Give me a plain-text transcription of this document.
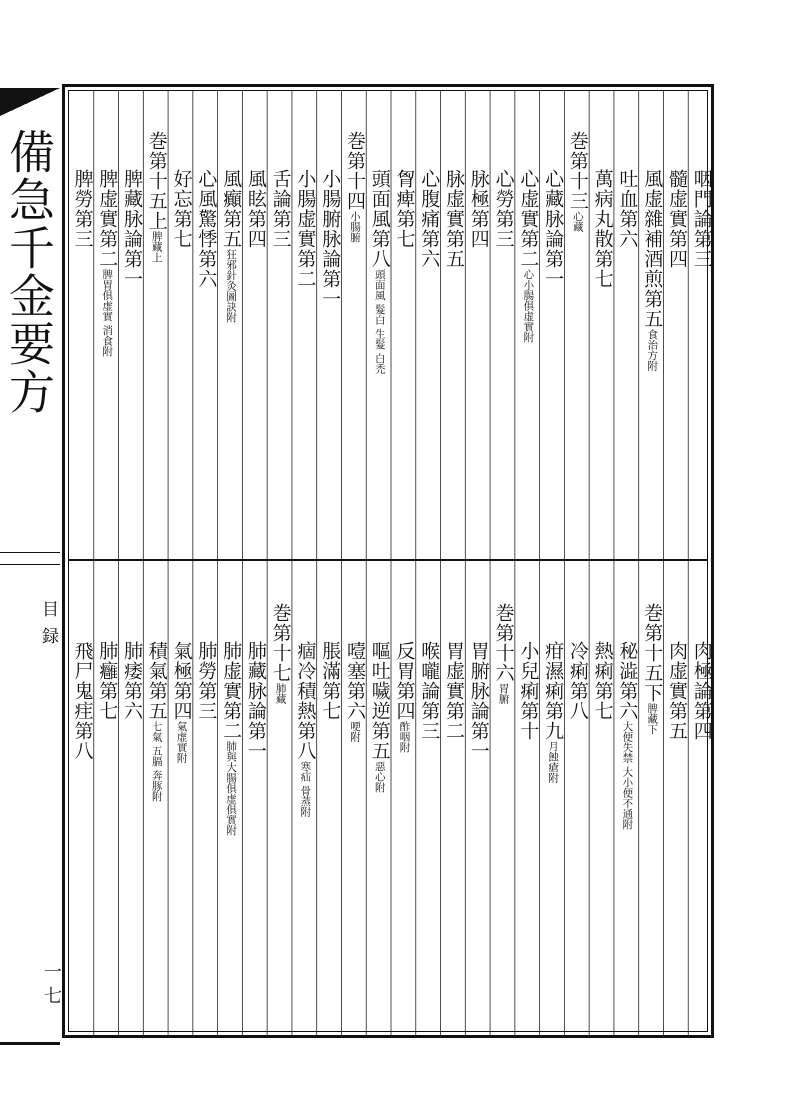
備急千金要方
目録
一七
咽門論第三
髓虚實第四
風虚雜補酒煎第五食治方附
吐血第六
萬病丸散第七
巻第十三心藏
心藏脉論第一
心虚實第二心小腸俱虚實附
心勞第三
脉極第四
脉虚實第五
心腹痛第六
胷痺第七
頭面風第八頭面風 髮白 生髮 白禿
巻第十四小腸腑
小腸腑脉論第一
小腸虚實第二
舌論第三
風眩第四
風癲第五狂邪針灸圖訣附
心風驚悸第六
好忘第七
巻第十五上脾藏上
脾藏脉論第一
脾虚實第二脾胃俱虚實 消食附
脾勞第三
肉極論第四
肉虚實第五
巻第十五下脾藏下
秘澁第六大便失禁 大小便不通附
熱痢第七
冷痢第八
疳濕痢第九月蝕瘡附
小兒痢第十
巻第十六胃腑
胃腑脉論第一
胃虚實第二
喉嚨論第三
反胃第四酢咽附
嘔吐噦逆第五惡心附
噎塞第六哽附
脹滿第七
痼冷積熱第八寒疝 骨蒸附
巻第十七肺藏
肺藏脉論第一
肺虚實第二肺與大腸俱虚俱實附
肺勞第三
氣極第四氣虚實附
積氣第五七氣 五膈 奔豚附
肺痿第六
肺癰第七
飛尸鬼疰第八
